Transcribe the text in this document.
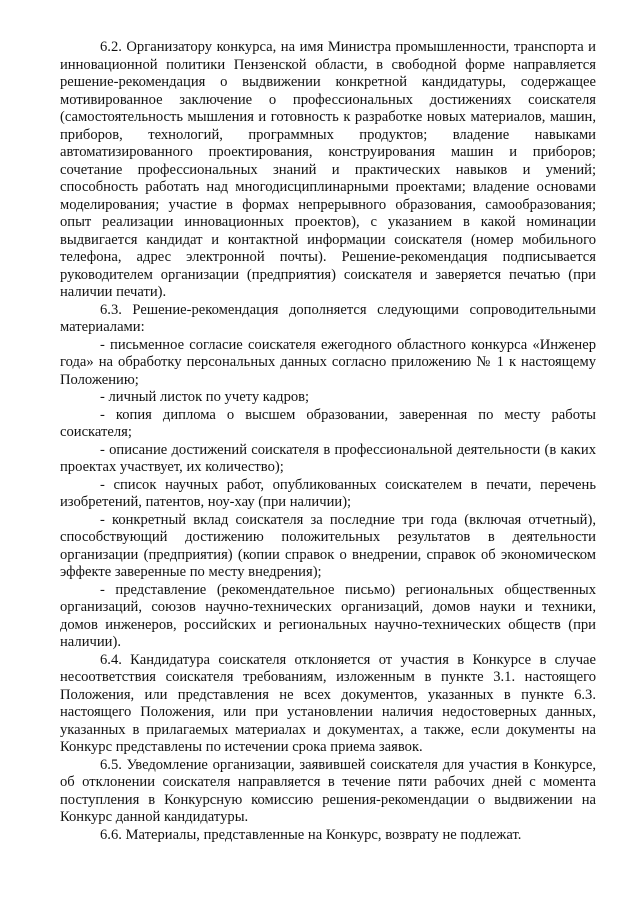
6.2. Организатору конкурса, на имя Министра промышленности, транспорта и инновационной политики Пензенской области, в свободной форме направляется решение-рекомендация о выдвижении конкретной кандидатуры, содержащее мотивированное заключение о профессиональных достижениях соискателя (самостоятельность мышления и готовность к разработке новых материалов, машин, приборов, технологий, программных продуктов; владение навыками автоматизированного проектирования, конструирования машин и приборов; сочетание профессиональных знаний и практических навыков и умений; способность работать над многодисциплинарными проектами; владение основами моделирования; участие в формах непрерывного образования, самообразования; опыт реализации инновационных проектов), с указанием в какой номинации выдвигается кандидат и контактной информации соискателя (номер мобильного телефона, адрес электронной почты). Решение-рекомендация подписывается руководителем организации (предприятия) соискателя и заверяется печатью (при наличии печати).

6.3. Решение-рекомендация дополняется следующими сопроводительными материалами:

- письменное согласие соискателя ежегодного областного конкурса «Инженер года» на обработку персональных данных согласно приложению № 1 к настоящему Положению;

- личный листок по учету кадров;

- копия диплома о высшем образовании, заверенная по месту работы соискателя;

- описание достижений соискателя в профессиональной деятельности (в каких проектах участвует, их количество);

- список научных работ, опубликованных соискателем в печати, перечень изобретений, патентов, ноу-хау (при наличии);

- конкретный вклад соискателя за последние три года (включая отчетный), способствующий достижению положительных результатов в деятельности организации (предприятия) (копии справок о внедрении, справок об экономическом эффекте заверенные по месту внедрения);

- представление (рекомендательное письмо) региональных общественных организаций, союзов научно-технических организаций, домов науки и техники, домов инженеров, российских и региональных научно-технических обществ (при наличии).

6.4. Кандидатура соискателя отклоняется от участия в Конкурсе в случае несоответствия соискателя требованиям, изложенным в пункте 3.1. настоящего Положения, или представления не всех документов, указанных в пункте 6.3. настоящего Положения, или при установлении наличия недостоверных данных, указанных в прилагаемых материалах и документах, а также, если документы на Конкурс представлены по истечении срока приема заявок.

6.5. Уведомление организации, заявившей соискателя для участия в Конкурсе, об отклонении соискателя направляется в течение пяти рабочих дней с момента поступления в Конкурсную комиссию решения-рекомендации о выдвижении на Конкурс данной кандидатуры.

6.6. Материалы, представленные на Конкурс, возврату не подлежат.
